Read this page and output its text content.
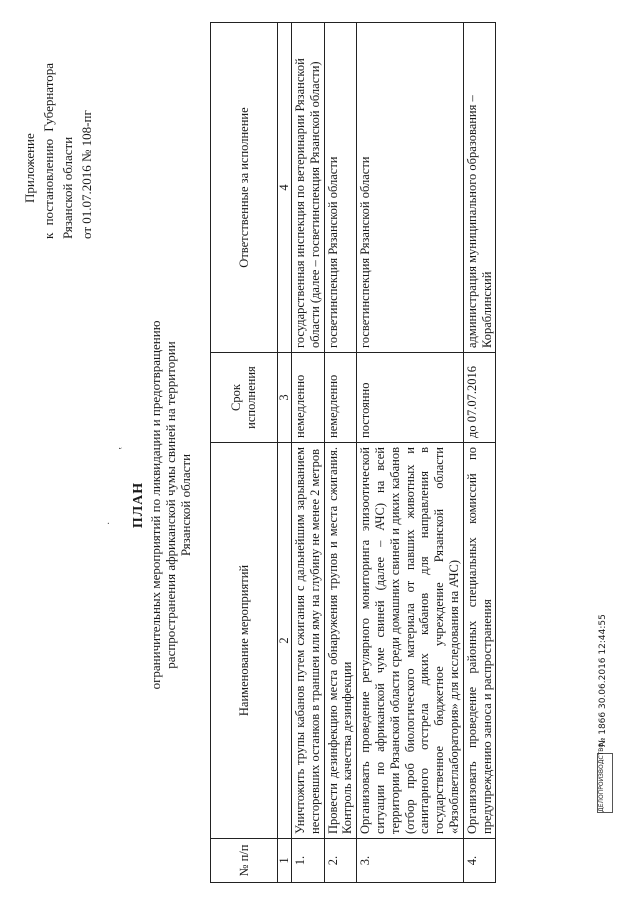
Приложение к постановлению Губернатора Рязанской области от 01.07.2016 № 108-пг
ПЛАН ограничительных мероприятий по ликвидации и предотвращению распространения африканской чумы свиней на территории Рязанской области
№ п/п	Наименование мероприятий	Срок исполнения	Ответственные за исполнение
1	2	3	4
1.	Уничтожить трупы кабанов путем сжигания с дальнейшим зарыванием несгоревших останков в траншеи или яму на глубину не менее 2 метров	немедленно	государственная инспекция по ветеринарии Рязанской области (далее – госветинспекция Рязанской области)
2.	Провести дезинфекцию места обнаружения трупов и места сжигания. Контроль качества дезинфекции	немедленно	госветинспекция Рязанской области
3.	Организовать проведение регулярного мониторинга эпизоотической ситуации по африканской чуме свиней (далее – АЧС) на всей территории Рязанской области среди домашних свиней и диких кабанов (отбор проб биологического материала от павших животных и санитарного отстрела диких кабанов для направления в государственное бюджетное учреждение Рязанской области «Рязоблветлаборатория» для исследования на АЧС)	постоянно	госветинспекция Рязанской области
4.	Организовать проведение районных специальных комиссий по предупреждению заноса и распространения	до 07.07.2016	администрация муниципального образования – Кораблинский
ДЕЛОПРОИЗВОДСТВО
№ 1866 30.06.2016 12:44:55
‛
·
